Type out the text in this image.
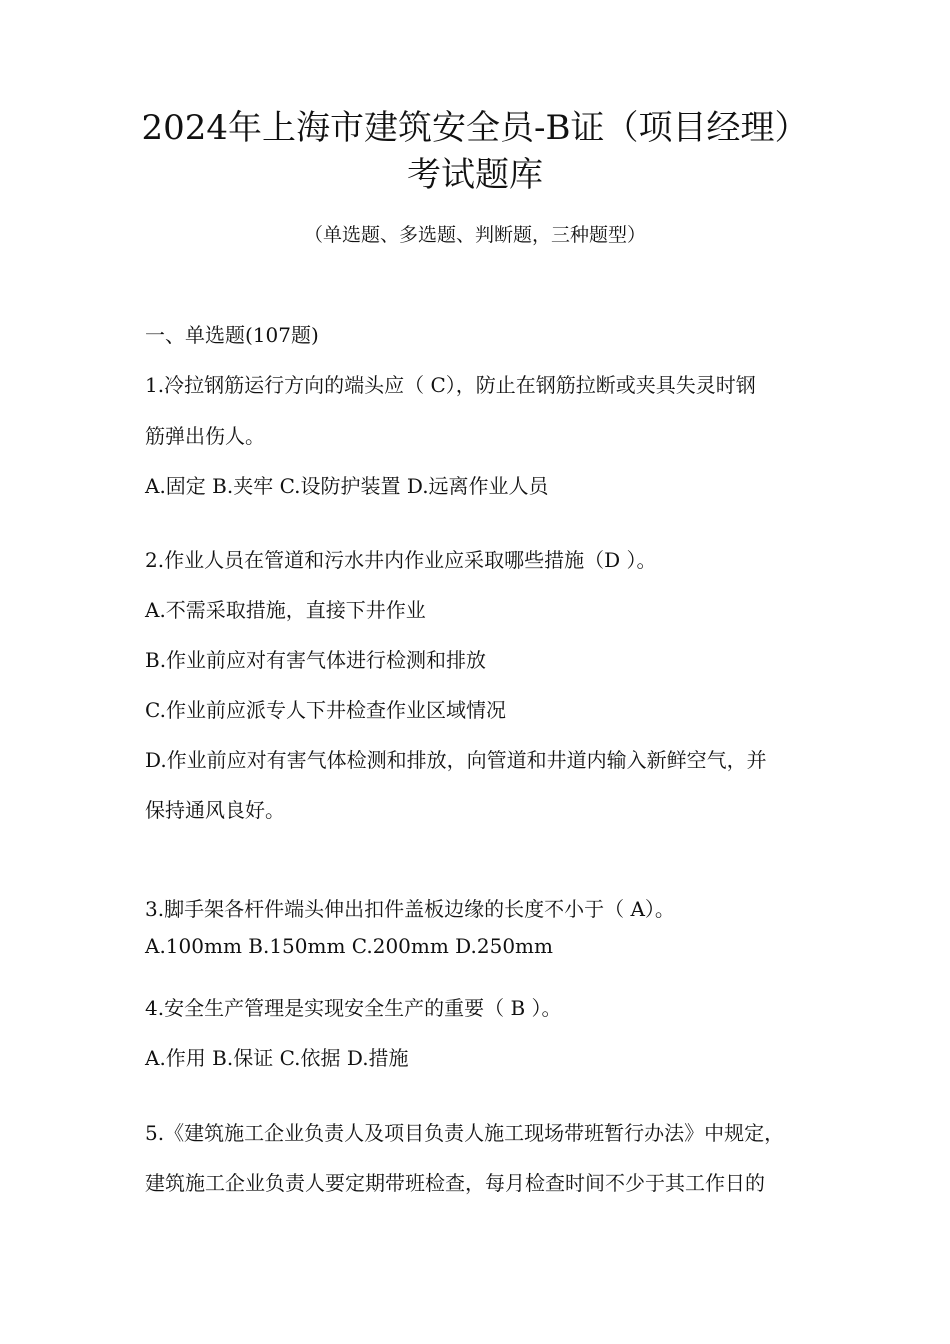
2024年上海市建筑安全员-B证（项目经理）
考试题库
（单选题、多选题、判断题，三种题型）
一、单选题(107题)
1.冷拉钢筋运行方向的端头应（ C），防止在钢筋拉断或夹具失灵时钢
筋弹出伤人。
A.固定 B.夹牢 C.设防护装置 D.远离作业人员
2.作业人员在管道和污水井内作业应采取哪些措施（D ）。
A.不需采取措施，直接下井作业
B.作业前应对有害气体进行检测和排放
C.作业前应派专人下井检查作业区域情况
D.作业前应对有害气体检测和排放，向管道和井道内输入新鲜空气，并
保持通风良好。
3.脚手架各杆件端头伸出扣件盖板边缘的长度不小于（ A）。
A.100mm B.150mm C.200mm D.250mm
4.安全生产管理是实现安全生产的重要（ B ）。
A.作用 B.保证 C.依据 D.措施
5.《建筑施工企业负责人及项目负责人施工现场带班暂行办法》中规定，
建筑施工企业负责人要定期带班检查，每月检查时间不少于其工作日的
